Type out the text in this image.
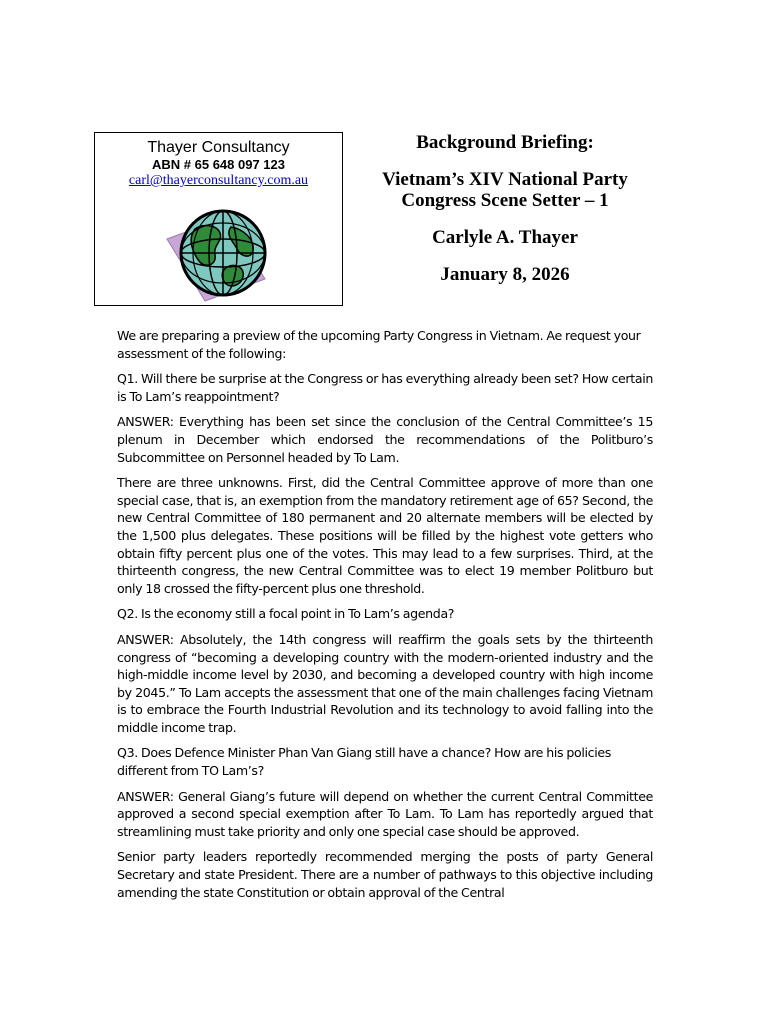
Thayer Consultancy
ABN # 65 648 097 123
carl@thayerconsultancy.com.au
Background Briefing:
Vietnam’s XIV National Party
Congress Scene Setter – 1
Carlyle A. Thayer
January 8, 2026

We are preparing a preview of the upcoming Party Congress in Vietnam. Ae request your assessment of the following:

Q1. Will there be surprise at the Congress or has everything already been set? How certain is To Lam’s reappointment?

ANSWER: Everything has been set since the conclusion of the Central Committee’s 15 plenum in December which endorsed the recommendations of the Politburo’s Subcommittee on Personnel headed by To Lam.

There are three unknowns. First, did the Central Committee approve of more than one special case, that is, an exemption from the mandatory retirement age of 65? Second, the new Central Committee of 180 permanent and 20 alternate members will be elected by the 1,500 plus delegates. These positions will be filled by the highest vote getters who obtain fifty percent plus one of the votes. This may lead to a few surprises. Third, at the thirteenth congress, the new Central Committee was to elect 19 member Politburo but only 18 crossed the fifty-percent plus one threshold.

Q2. Is the economy still a focal point in To Lam’s agenda?

ANSWER: Absolutely, the 14th congress will reaffirm the goals sets by the thirteenth congress of “becoming a developing country with the modern-oriented industry and the high-middle income level by 2030, and becoming a developed country with high income by 2045.” To Lam accepts the assessment that one of the main challenges facing Vietnam is to embrace the Fourth Industrial Revolution and its technology to avoid falling into the middle income trap.

Q3. Does Defence Minister Phan Van Giang still have a chance? How are his policies different from TO Lam’s?

ANSWER: General Giang’s future will depend on whether the current Central Committee approved a second special exemption after To Lam. To Lam has reportedly argued that streamlining must take priority and only one special case should be approved.

Senior party leaders reportedly recommended merging the posts of party General Secretary and state President. There are a number of pathways to this objective including amending the state Constitution or obtain approval of the Central
